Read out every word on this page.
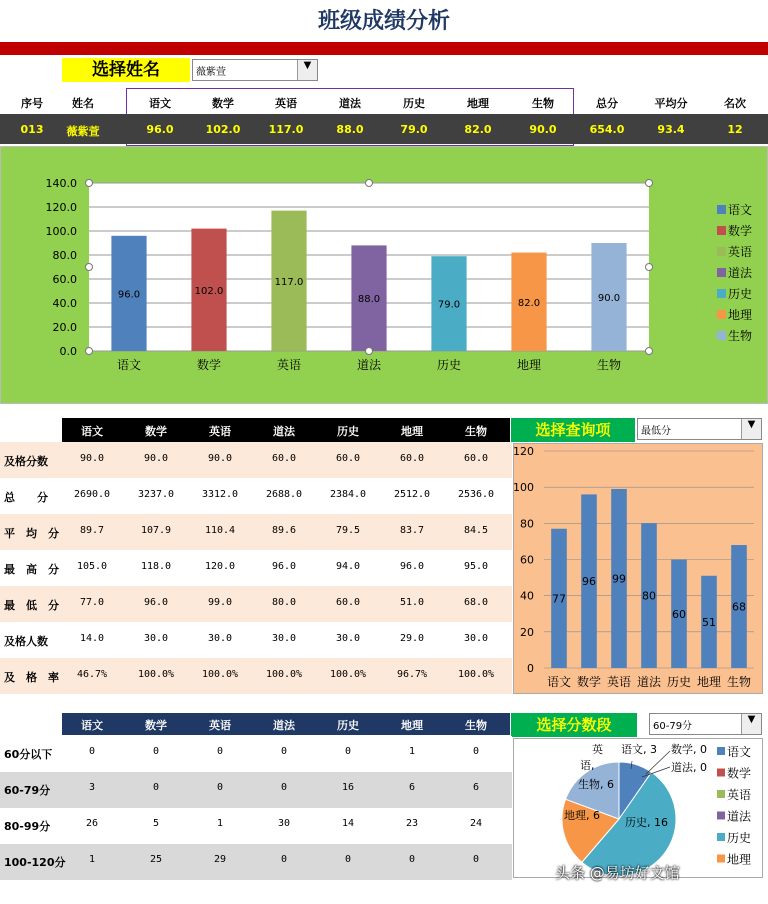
班级成绩分析
选择姓名	薇紫萱
▼
序号	姓名	语文	数学	英语	道法	历史	地理	生物	总分	平均分	名次
013	薇紫萱	96.0	102.0	117.0	88.0	79.0	82.0	90.0	654.0	93.4	12
0.0
20.0
40.0
60.0
80.0
100.0
120.0
140.0
96.0
语文
102.0
数学
117.0
英语
88.0
道法
79.0
历史
82.0
地理
90.0
生物
语文
数学
英语
道法
历史
地理
生物
语文	数学	英语	道法	历史	地理	生物	选择查询项	最低分
▼
及格分数	90.0	90.0	90.0	60.0	60.0	60.0	60.0
总　　分	2690.0	3237.0	3312.0	2688.0	2384.0	2512.0	2536.0
平　均　分	89.7	107.9	110.4	89.6	79.5	83.7	84.5
最　高　分	105.0	118.0	120.0	96.0	94.0	96.0	95.0
最　低　分	77.0	96.0	99.0	80.0	60.0	51.0	68.0
及格人数	14.0	30.0	30.0	30.0	30.0	29.0	30.0
及　格　率	46.7%	100.0%	100.0%	100.0%	100.0%	96.7%	100.0%	0
20
40
60
80
100
120
77
语文
96
数学
99
英语
80
道法
60
历史
51
地理
68
生物
语文	数学	英语	道法	历史	地理	生物	选择分数段	60-79分
▼
60分以下	0	0	0	0	0	1	0
60-79分	3	0	0	0	16	6	6
80-99分	26	5	1	30	14	23	24
100-120分	1	25	29	0	0	0	0
语文, 3 数学, 0
英
语,	道法, 0
历史, 16
地理, 6
生物, 6
语文
数学
英语
道法
历史
地理
头条 @易坊好文馆
